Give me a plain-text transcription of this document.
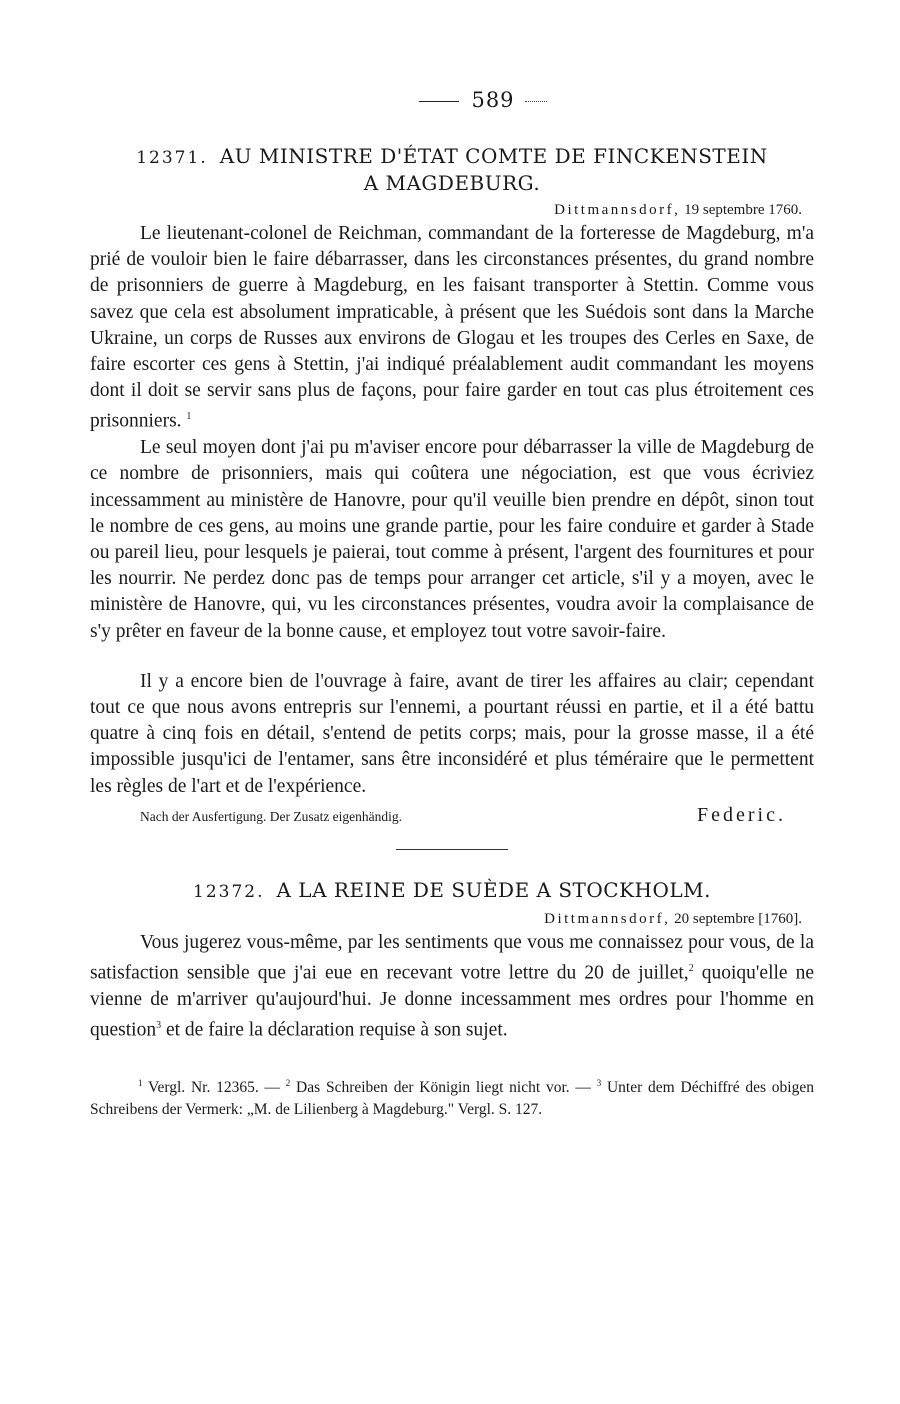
589
12371. AU MINISTRE D'ÉTAT COMTE DE FINCKENSTEIN
A MAGDEBURG.
Dittmannsdorf, 19 septembre 1760.

Le lieutenant-colonel de Reichman, commandant de la forteresse de Magdeburg, m'a prié de vouloir bien le faire débarrasser, dans les circonstances présentes, du grand nombre de prisonniers de guerre à Magdeburg, en les faisant transporter à Stettin. Comme vous savez que cela est absolument impraticable, à présent que les Suédois sont dans la Marche Ukraine, un corps de Russes aux environs de Glogau et les troupes des Cerles en Saxe, de faire escorter ces gens à Stettin, j'ai indiqué préalablement audit commandant les moyens dont il doit se servir sans plus de façons, pour faire garder en tout cas plus étroitement ces prisonniers. $^1$

Le seul moyen dont j'ai pu m'aviser encore pour débarrasser la ville de Magdeburg de ce nombre de prisonniers, mais qui coûtera une négociation, est que vous écriviez incessamment au ministère de Hanovre, pour qu'il veuille bien prendre en dépôt, sinon tout le nombre de ces gens, au moins une grande partie, pour les faire conduire et garder à Stade ou pareil lieu, pour lesquels je paierai, tout comme à présent, l'argent des fournitures et pour les nourrir. Ne perdez donc pas de temps pour arranger cet article, s'il y a moyen, avec le ministère de Hanovre, qui, vu les circonstances présentes, voudra avoir la complaisance de s'y prêter en faveur de la bonne cause, et employez tout votre savoir-faire.

Il y a encore bien de l'ouvrage à faire, avant de tirer les affaires au clair; cependant tout ce que nous avons entrepris sur l'ennemi, a pourtant réussi en partie, et il a été battu quatre à cinq fois en détail, s'entend de petits corps; mais, pour la grosse masse, il a été impossible jusqu'ici de l'entamer, sans être inconsidéré et plus téméraire que le permettent les règles de l'art et de l'expérience.

Nach der Ausfertigung. Der Zusatz eigenhändig.	Federic.
12372. A LA REINE DE SUÈDE A STOCKHOLM.
Dittmannsdorf, 20 septembre [1760].

Vous jugerez vous-même, par les sentiments que vous me connaissez pour vous, de la satisfaction sensible que j'ai eue en recevant votre lettre du 20 de juillet,$^2$ quoiqu'elle ne vienne de m'arriver qu'aujourd'hui. Je donne incessamment mes ordres pour l'homme en question$^3$ et de faire la déclaration requise à son sujet.

$^1$ Vergl. Nr. 12365. — $^2$ Das Schreiben der Königin liegt nicht vor. — $^3$ Unter dem Déchiffré des obigen Schreibens der Vermerk: „M. de Lilienberg à Magdeburg." Vergl. S. 127.
